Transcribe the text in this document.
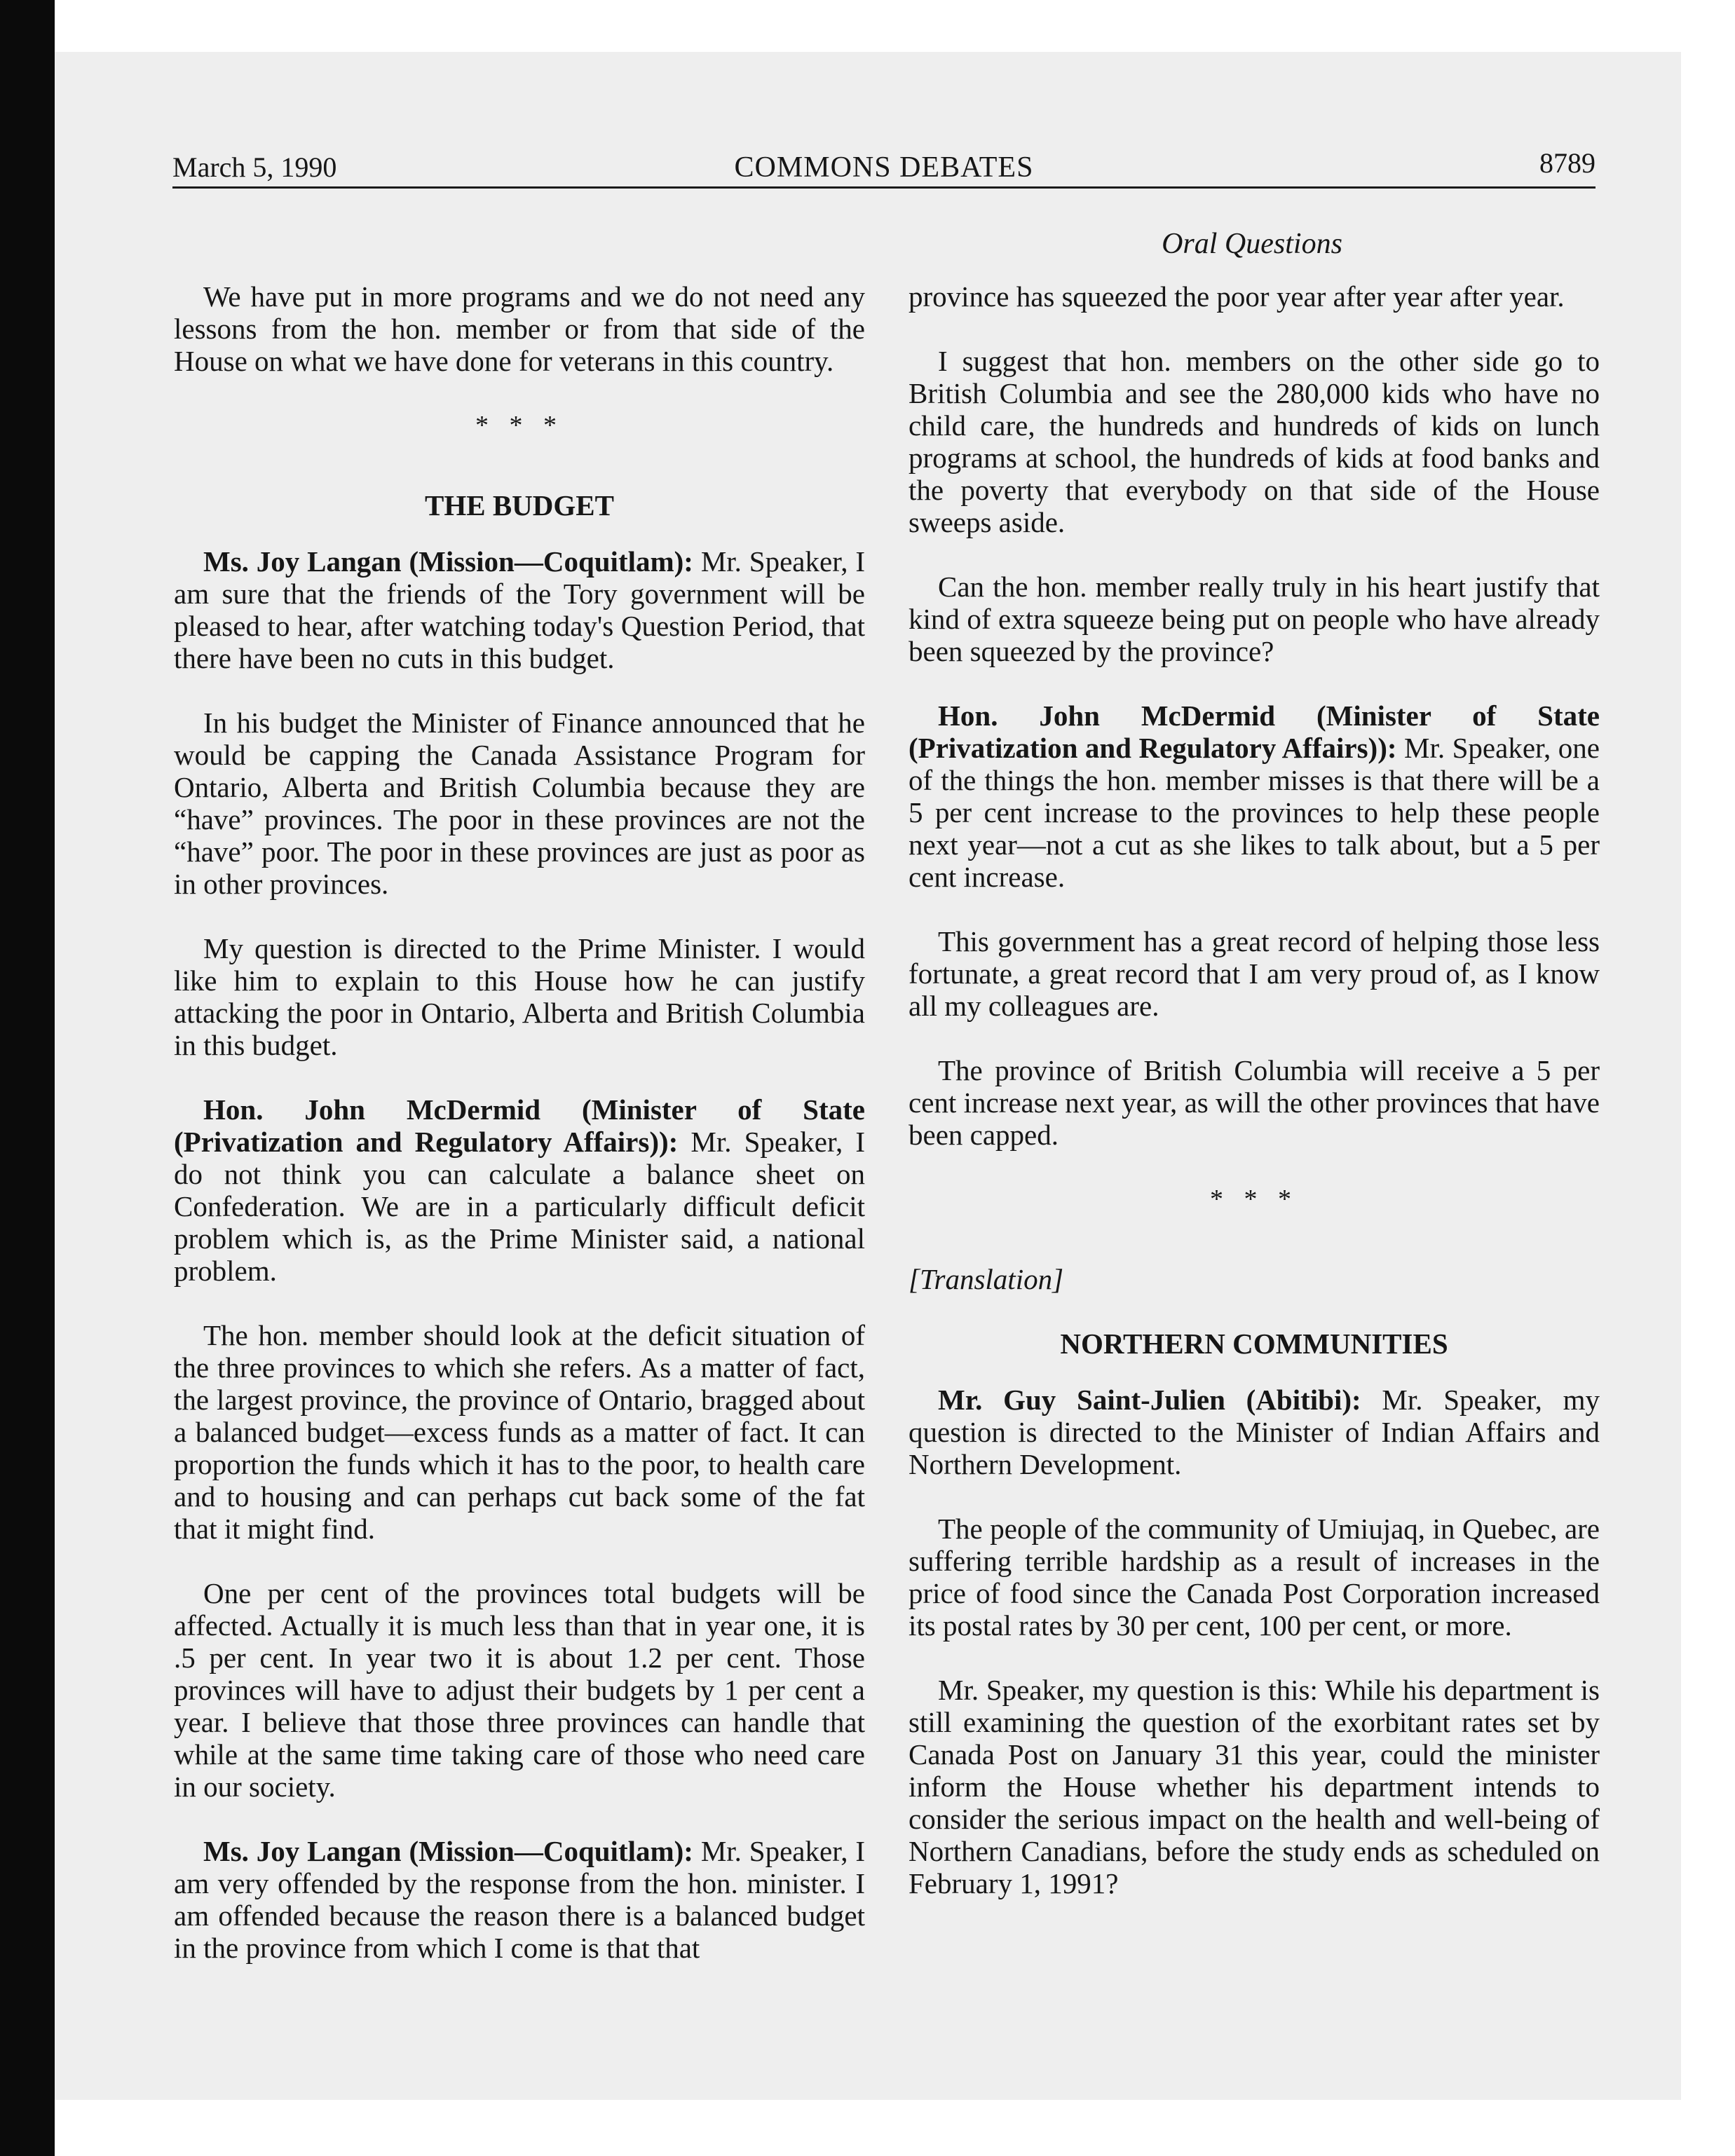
March 5, 1990	COMMONS DEBATES	8789
Oral Questions

We have put in more programs and we do not need any lessons from the hon. member or from that side of the House on what we have done for veterans in this country.

* * *
THE BUDGET

Ms. Joy Langan (Mission—Coquitlam): Mr. Speaker, I am sure that the friends of the Tory government will be pleased to hear, after watching today's Question Period, that there have been no cuts in this budget.

In his budget the Minister of Finance announced that he would be capping the Canada Assistance Program for Ontario, Alberta and British Columbia because they are “have” provinces. The poor in these provinces are not the “have” poor. The poor in these provinces are just as poor as in other provinces.

My question is directed to the Prime Minister. I would like him to explain to this House how he can justify attacking the poor in Ontario, Alberta and British Columbia in this budget.

Hon. John McDermid (Minister of State (Privatization and Regulatory Affairs)): Mr. Speaker, I do not think you can calculate a balance sheet on Confederation. We are in a particularly difficult deficit problem which is, as the Prime Minister said, a national problem.

The hon. member should look at the deficit situation of the three provinces to which she refers. As a matter of fact, the largest province, the province of Ontario, bragged about a balanced budget—excess funds as a matter of fact. It can proportion the funds which it has to the poor, to health care and to housing and can perhaps cut back some of the fat that it might find.

One per cent of the provinces total budgets will be affected. Actually it is much less than that in year one, it is .5 per cent. In year two it is about 1.2 per cent. Those provinces will have to adjust their budgets by 1 per cent a year. I believe that those three provinces can handle that while at the same time taking care of those who need care in our society.

Ms. Joy Langan (Mission—Coquitlam): Mr. Speaker, I am very offended by the response from the hon. minister. I am offended because the reason there is a balanced budget in the province from which I come is that that

province has squeezed the poor year after year after year.

I suggest that hon. members on the other side go to British Columbia and see the 280,000 kids who have no child care, the hundreds and hundreds of kids on lunch programs at school, the hundreds of kids at food banks and the poverty that everybody on that side of the House sweeps aside.

Can the hon. member really truly in his heart justify that kind of extra squeeze being put on people who have already been squeezed by the province?

Hon. John McDermid (Minister of State (Privatization and Regulatory Affairs)): Mr. Speaker, one of the things the hon. member misses is that there will be a 5 per cent increase to the provinces to help these people next year—not a cut as she likes to talk about, but a 5 per cent increase.

This government has a great record of helping those less fortunate, a great record that I am very proud of, as I know all my colleagues are.

The province of British Columbia will receive a 5 per cent increase next year, as will the other provinces that have been capped.

* * *

[Translation]

NORTHERN COMMUNITIES

Mr. Guy Saint-Julien (Abitibi): Mr. Speaker, my question is directed to the Minister of Indian Affairs and Northern Development.

The people of the community of Umiujaq, in Quebec, are suffering terrible hardship as a result of increases in the price of food since the Canada Post Corporation increased its postal rates by 30 per cent, 100 per cent, or more.

Mr. Speaker, my question is this: While his department is still examining the question of the exorbitant rates set by Canada Post on January 31 this year, could the minister inform the House whether his department intends to consider the serious impact on the health and well-being of Northern Canadians, before the study ends as scheduled on February 1, 1991?
